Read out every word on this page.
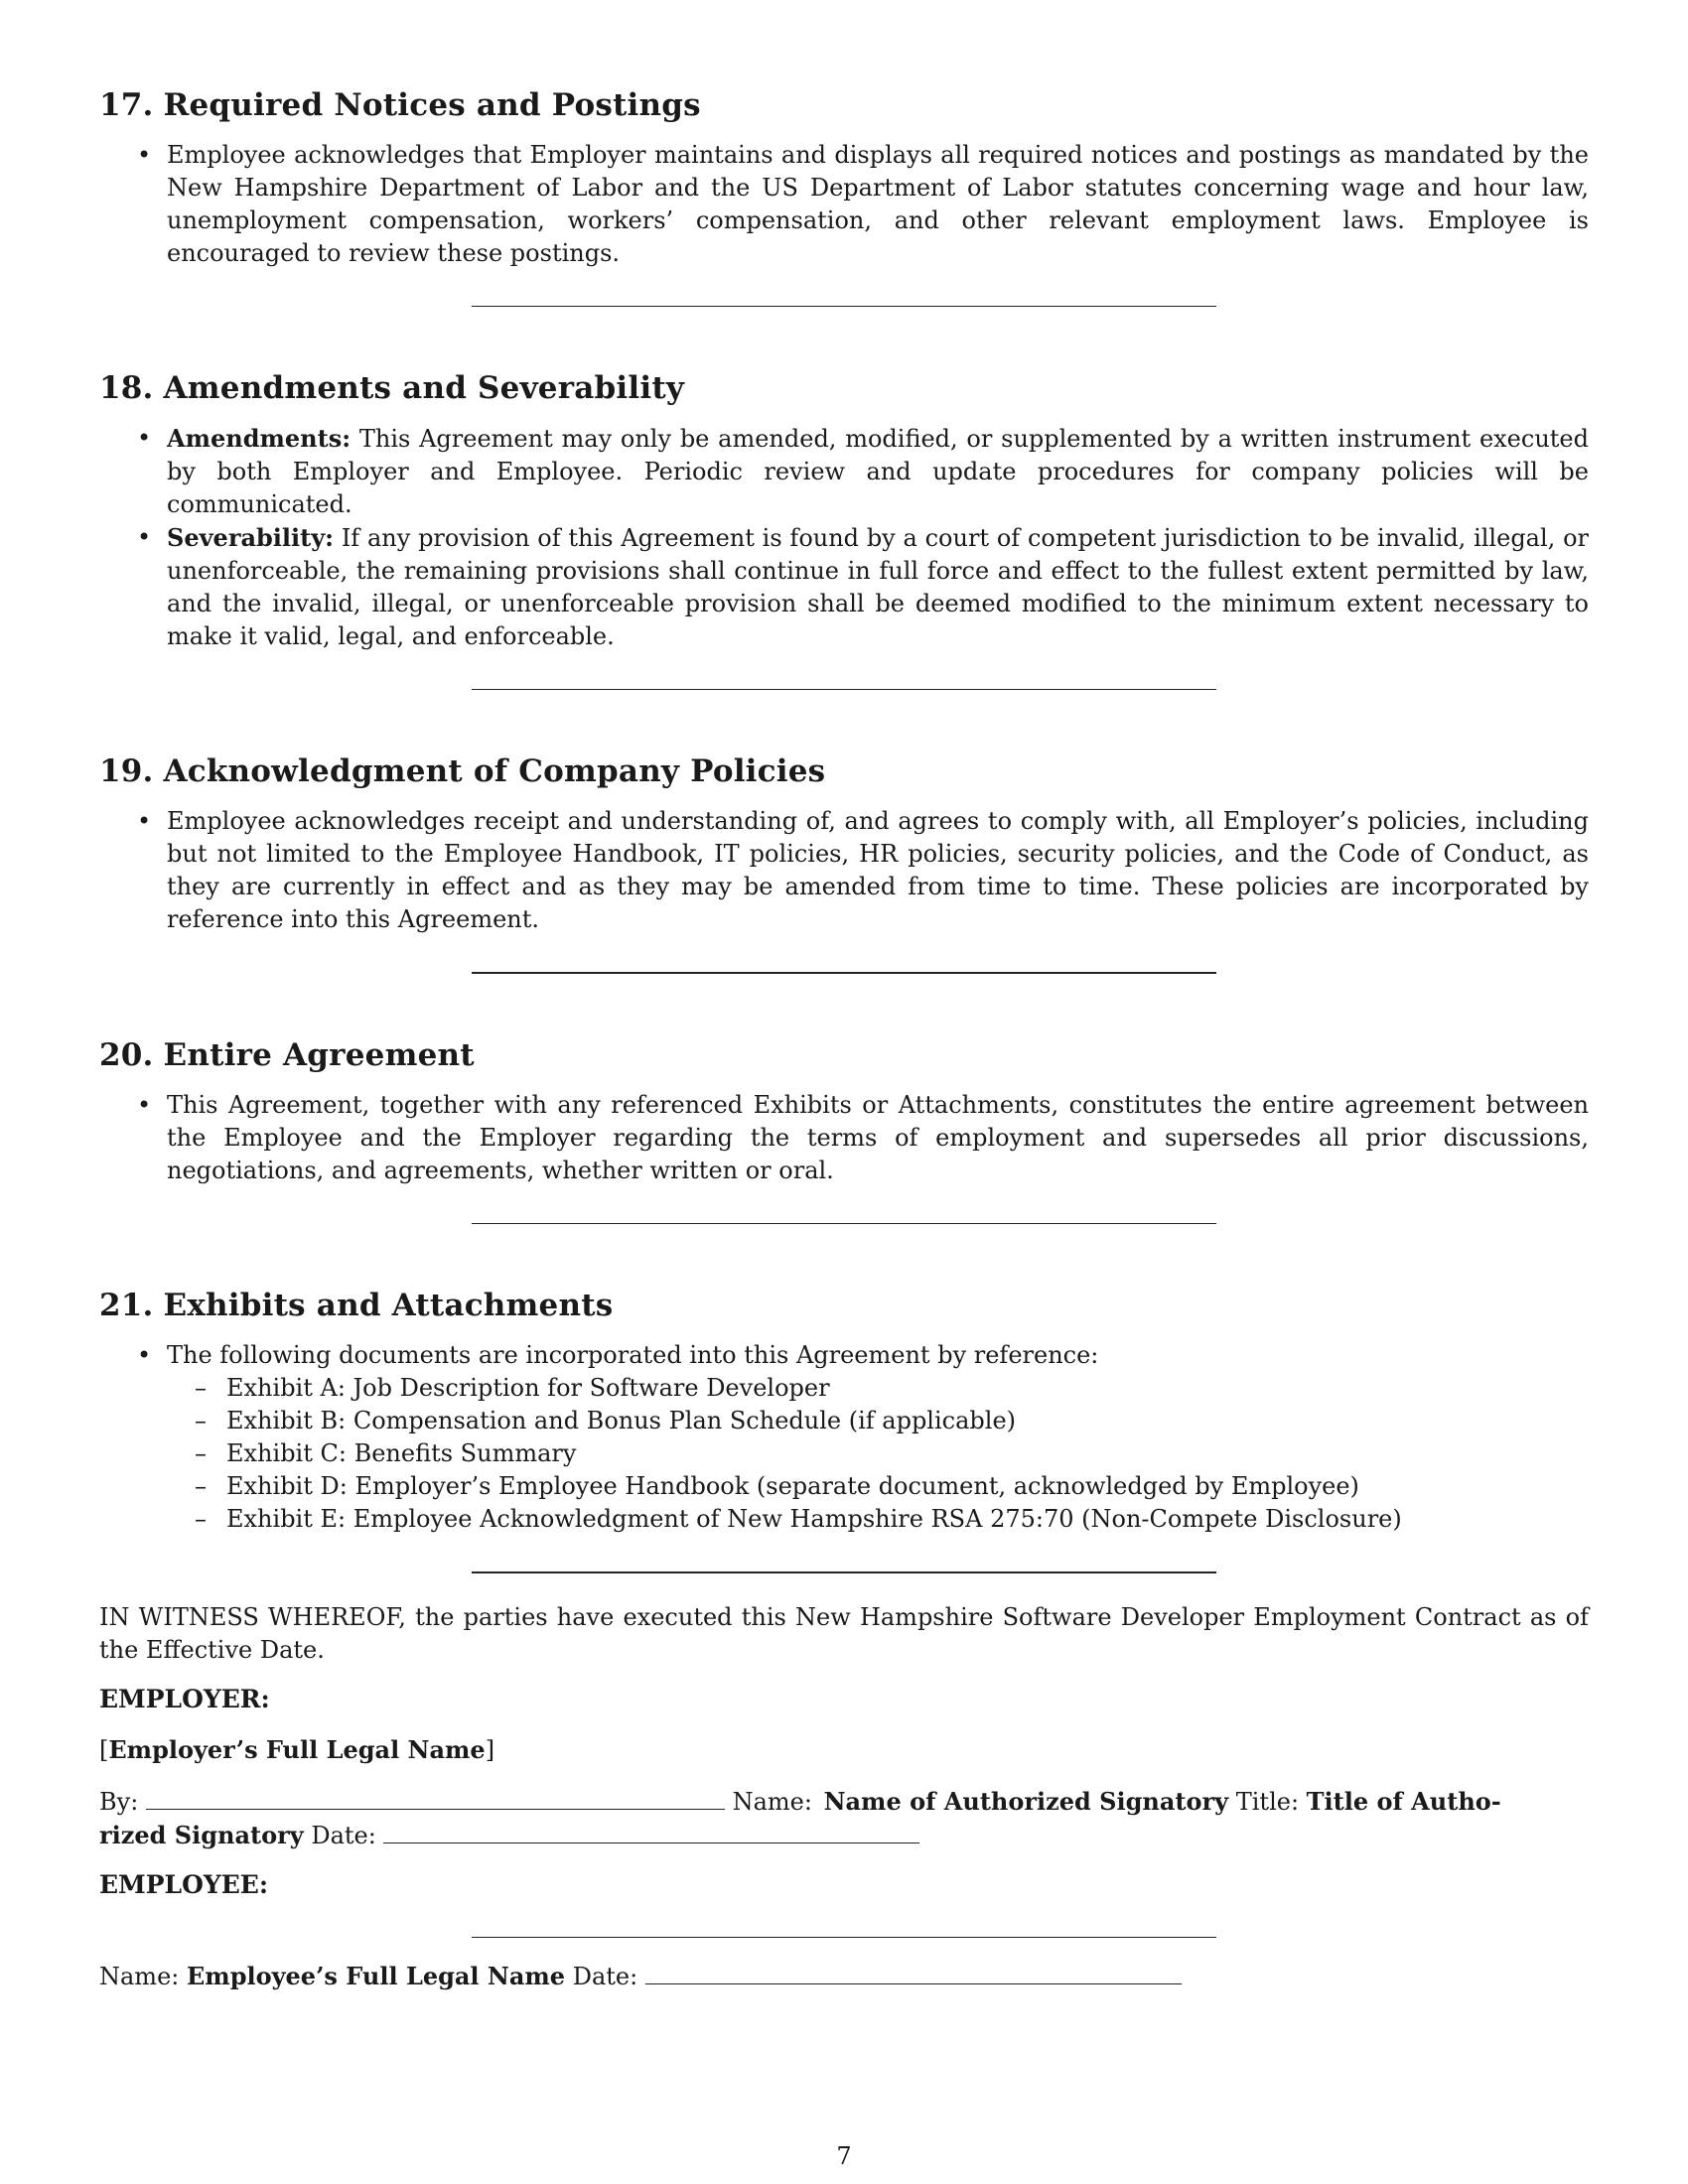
17. Required Notices and Postings
• Employee acknowledges that Employer maintains and displays all required notices and postings as mandated by the New Hampshire Department of Labor and the US Department of Labor statutes concerning wage and hour law, unemployment compensation, workers’ compensation, and other relevant employment laws. Employee is encouraged to review these postings.
18. Amendments and Severability
• Amendments: This Agreement may only be amended, modified, or supplemented by a written instrument executed by both Employer and Employee. Periodic review and update procedures for company policies will be communicated.
• Severability: If any provision of this Agreement is found by a court of competent jurisdiction to be invalid, illegal, or unenforceable, the remaining provisions shall continue in full force and effect to the fullest extent permitted by law, and the invalid, illegal, or unenforceable provision shall be deemed modified to the minimum extent necessary to make it valid, legal, and enforceable.
19. Acknowledgment of Company Policies
• Employee acknowledges receipt and understanding of, and agrees to comply with, all Employer’s policies, including but not limited to the Employee Handbook, IT policies, HR policies, security policies, and the Code of Conduct, as they are currently in effect and as they may be amended from time to time. These policies are incorporated by reference into this Agreement.
20. Entire Agreement
• This Agreement, together with any referenced Exhibits or Attachments, constitutes the entire agreement between the Employee and the Employer regarding the terms of employment and supersedes all prior discussions, negotiations, and agreements, whether written or oral.
21. Exhibits and Attachments
• The following documents are incorporated into this Agreement by reference:
– Exhibit A: Job Description for Software Developer
– Exhibit B: Compensation and Bonus Plan Schedule (if applicable)
– Exhibit C: Benefits Summary
– Exhibit D: Employer’s Employee Handbook (separate document, acknowledged by Employee)
– Exhibit E: Employee Acknowledgment of New Hampshire RSA 275:70 (Non-Compete Disclosure)

IN WITNESS WHEREOF, the parties have executed this New Hampshire Software Developer Employment Contract as of the Effective Date.

EMPLOYER:
[Employer’s Full Legal Name]
By:	Name: Name of Authorized Signatory Title: Title of Autho-
rized Signatory Date:
EMPLOYEE:
Name: Employee’s Full Legal Name Date:
7
